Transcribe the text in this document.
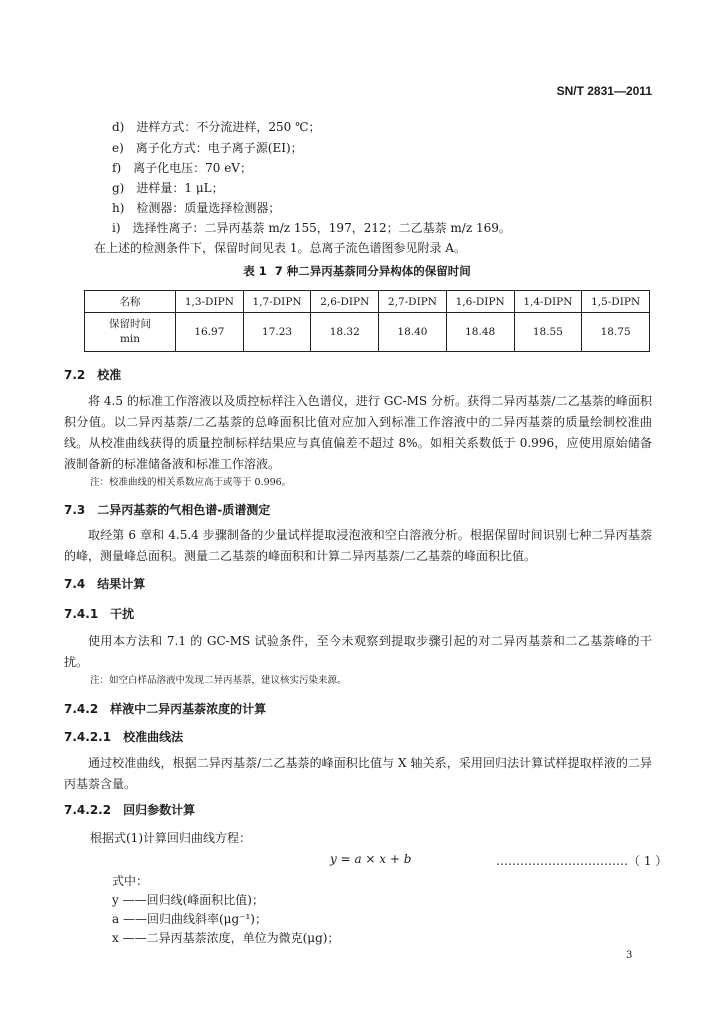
SN/T 2831—2011
d)　进样方式：不分流进样，250 ℃；
e)　离子化方式：电子离子源(EI)；
f)　离子化电压：70 eV；
g)　进样量：1 μL；
h)　检测器：质量选择检测器；
i)　选择性离子：二异丙基萘 m/z 155，197，212；二乙基萘 m/z 169。
在上述的检测条件下，保留时间见表 1。总离子流色谱图参见附录 A。
表 1  7 种二异丙基萘同分异构体的保留时间
名称	1,3-DIPN	1,7-DIPN	2,6-DIPN	2,7-DIPN	1,6-DIPN	1,4-DIPN	1,5-DIPN

保留时间
min	16.97	17.23	18.32	18.40	18.48	18.55	18.75
7.2　校准
将 4.5 的标准工作溶液以及质控标样注入色谱仪，进行 GC-MS 分析。获得二异丙基萘/二乙基萘的峰面积积分值。以二异丙基萘/二乙基萘的总峰面积比值对应加入到标准工作溶液中的二异丙基萘的质量绘制校准曲线。从校准曲线获得的质量控制标样结果应与真值偏差不超过 8%。如相关系数低于 0.996，应使用原始储备液制备新的标准储备液和标准工作溶液。
注：校准曲线的相关系数应高于或等于 0.996。
7.3　二异丙基萘的气相色谱-质谱测定
取经第 6 章和 4.5.4 步骤制备的少量试样提取浸泡液和空白溶液分析。根据保留时间识别七种二异丙基萘的峰，测量峰总面积。测量二乙基萘的峰面积和计算二异丙基萘/二乙基萘的峰面积比值。
7.4　结果计算
7.4.1　干扰
使用本方法和 7.1 的 GC-MS 试验条件，至今未观察到提取步骤引起的对二异丙基萘和二乙基萘峰的干扰。
注：如空白样品溶液中发现二异丙基萘，建议核实污染来源。
7.4.2　样液中二异丙基萘浓度的计算
7.4.2.1　校准曲线法
通过校准曲线，根据二异丙基萘/二乙基萘的峰面积比值与 X 轴关系，采用回归法计算试样提取样液的二异丙基萘含量。
7.4.2.2　回归参数计算
根据式(1)计算回归曲线方程：
y = a × x + b	……………………………（ 1 ）
式中：
y ——回归线(峰面积比值)；
a ——回归曲线斜率(μg⁻¹)；
x ——二异丙基萘浓度，单位为微克(μg)；
3
